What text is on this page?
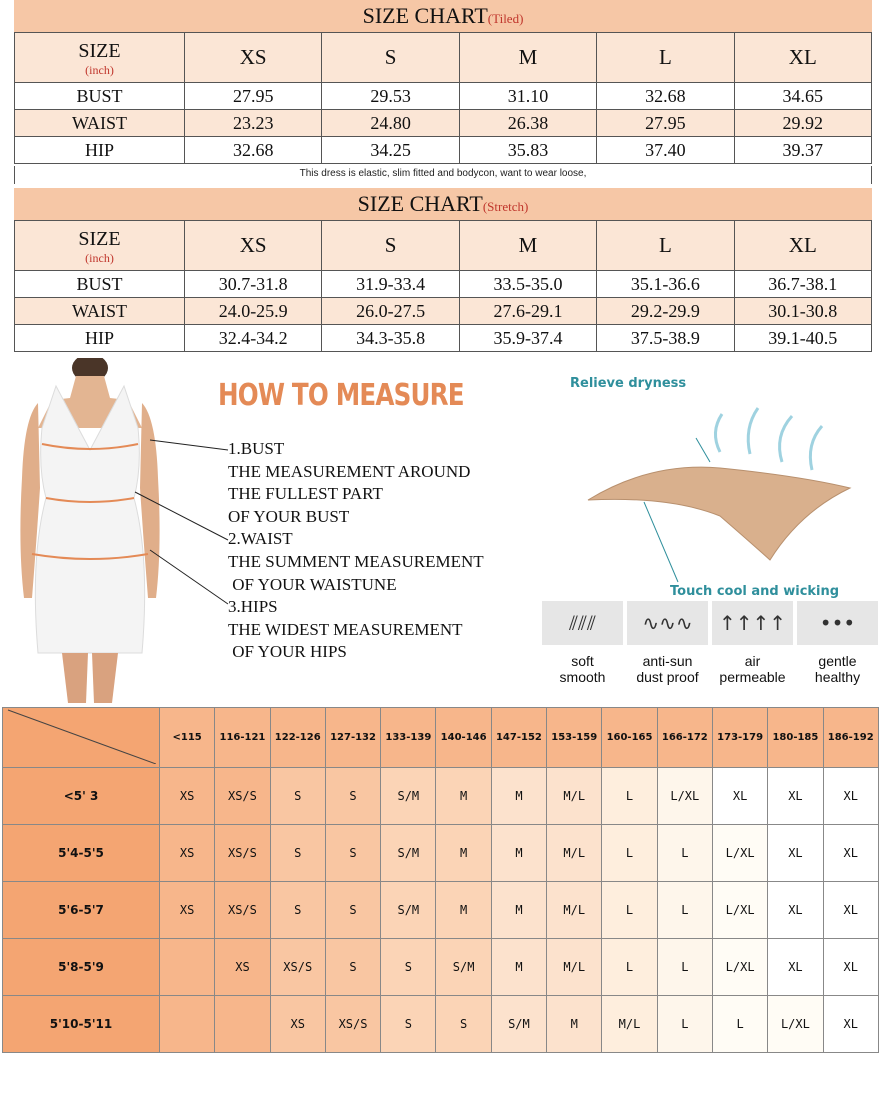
SIZE CHART(Tiled)
SIZE
(inch)	XS	S	M	L	XL
BUST	27.95	29.53	31.10	32.68	34.65
WAIST	23.23	24.80	26.38	27.95	29.92
HIP	32.68	34.25	35.83	37.40	39.37
This dress is elastic, slim fitted and bodycon, want to wear loose,
SIZE CHART(Stretch)
SIZE
(inch)	XS	S	M	L	XL
BUST	30.7-31.8	31.9-33.4	33.5-35.0	35.1-36.6	36.7-38.1
WAIST	24.0-25.9	26.0-27.5	27.6-29.1	29.2-29.9	30.1-30.8
HIP	32.4-34.2	34.3-35.8	35.9-37.4	37.5-38.9	39.1-40.5
HOW TO MEASURE
1.BUST
THE MEASUREMENT AROUND
THE FULLEST PART
OF YOUR BUST
2.WAIST
THE SUMMENT MEASUREMENT
OF YOUR WAISTUNE
3.HIPS
THE WIDEST MEASUREMENT
OF YOUR HIPS
Relieve dryness
Touch cool and wicking
⫽⫽⫽
soft
smooth
∿∿∿
anti-sun
dust proof
↑↑↑↑
air
permeable
•••
gentle
healthy
	<115	116-121	122-126	127-132	133-139	140-146	147-152	153-159	160-165	166-172	173-179	180-185	186-192
<5' 3	XS	XS/S	S	S	S/M	M	M	M/L	L	L/XL	XL	XL	XL
5'4-5'5	XS	XS/S	S	S	S/M	M	M	M/L	L	L	L/XL	XL	XL
5'6-5'7	XS	XS/S	S	S	S/M	M	M	M/L	L	L	L/XL	XL	XL
5'8-5'9		XS	XS/S	S	S	S/M	M	M/L	L	L	L/XL	XL	XL
5'10-5'11			XS	XS/S	S	S	S/M	M	M/L	L	L	L/XL	XL
